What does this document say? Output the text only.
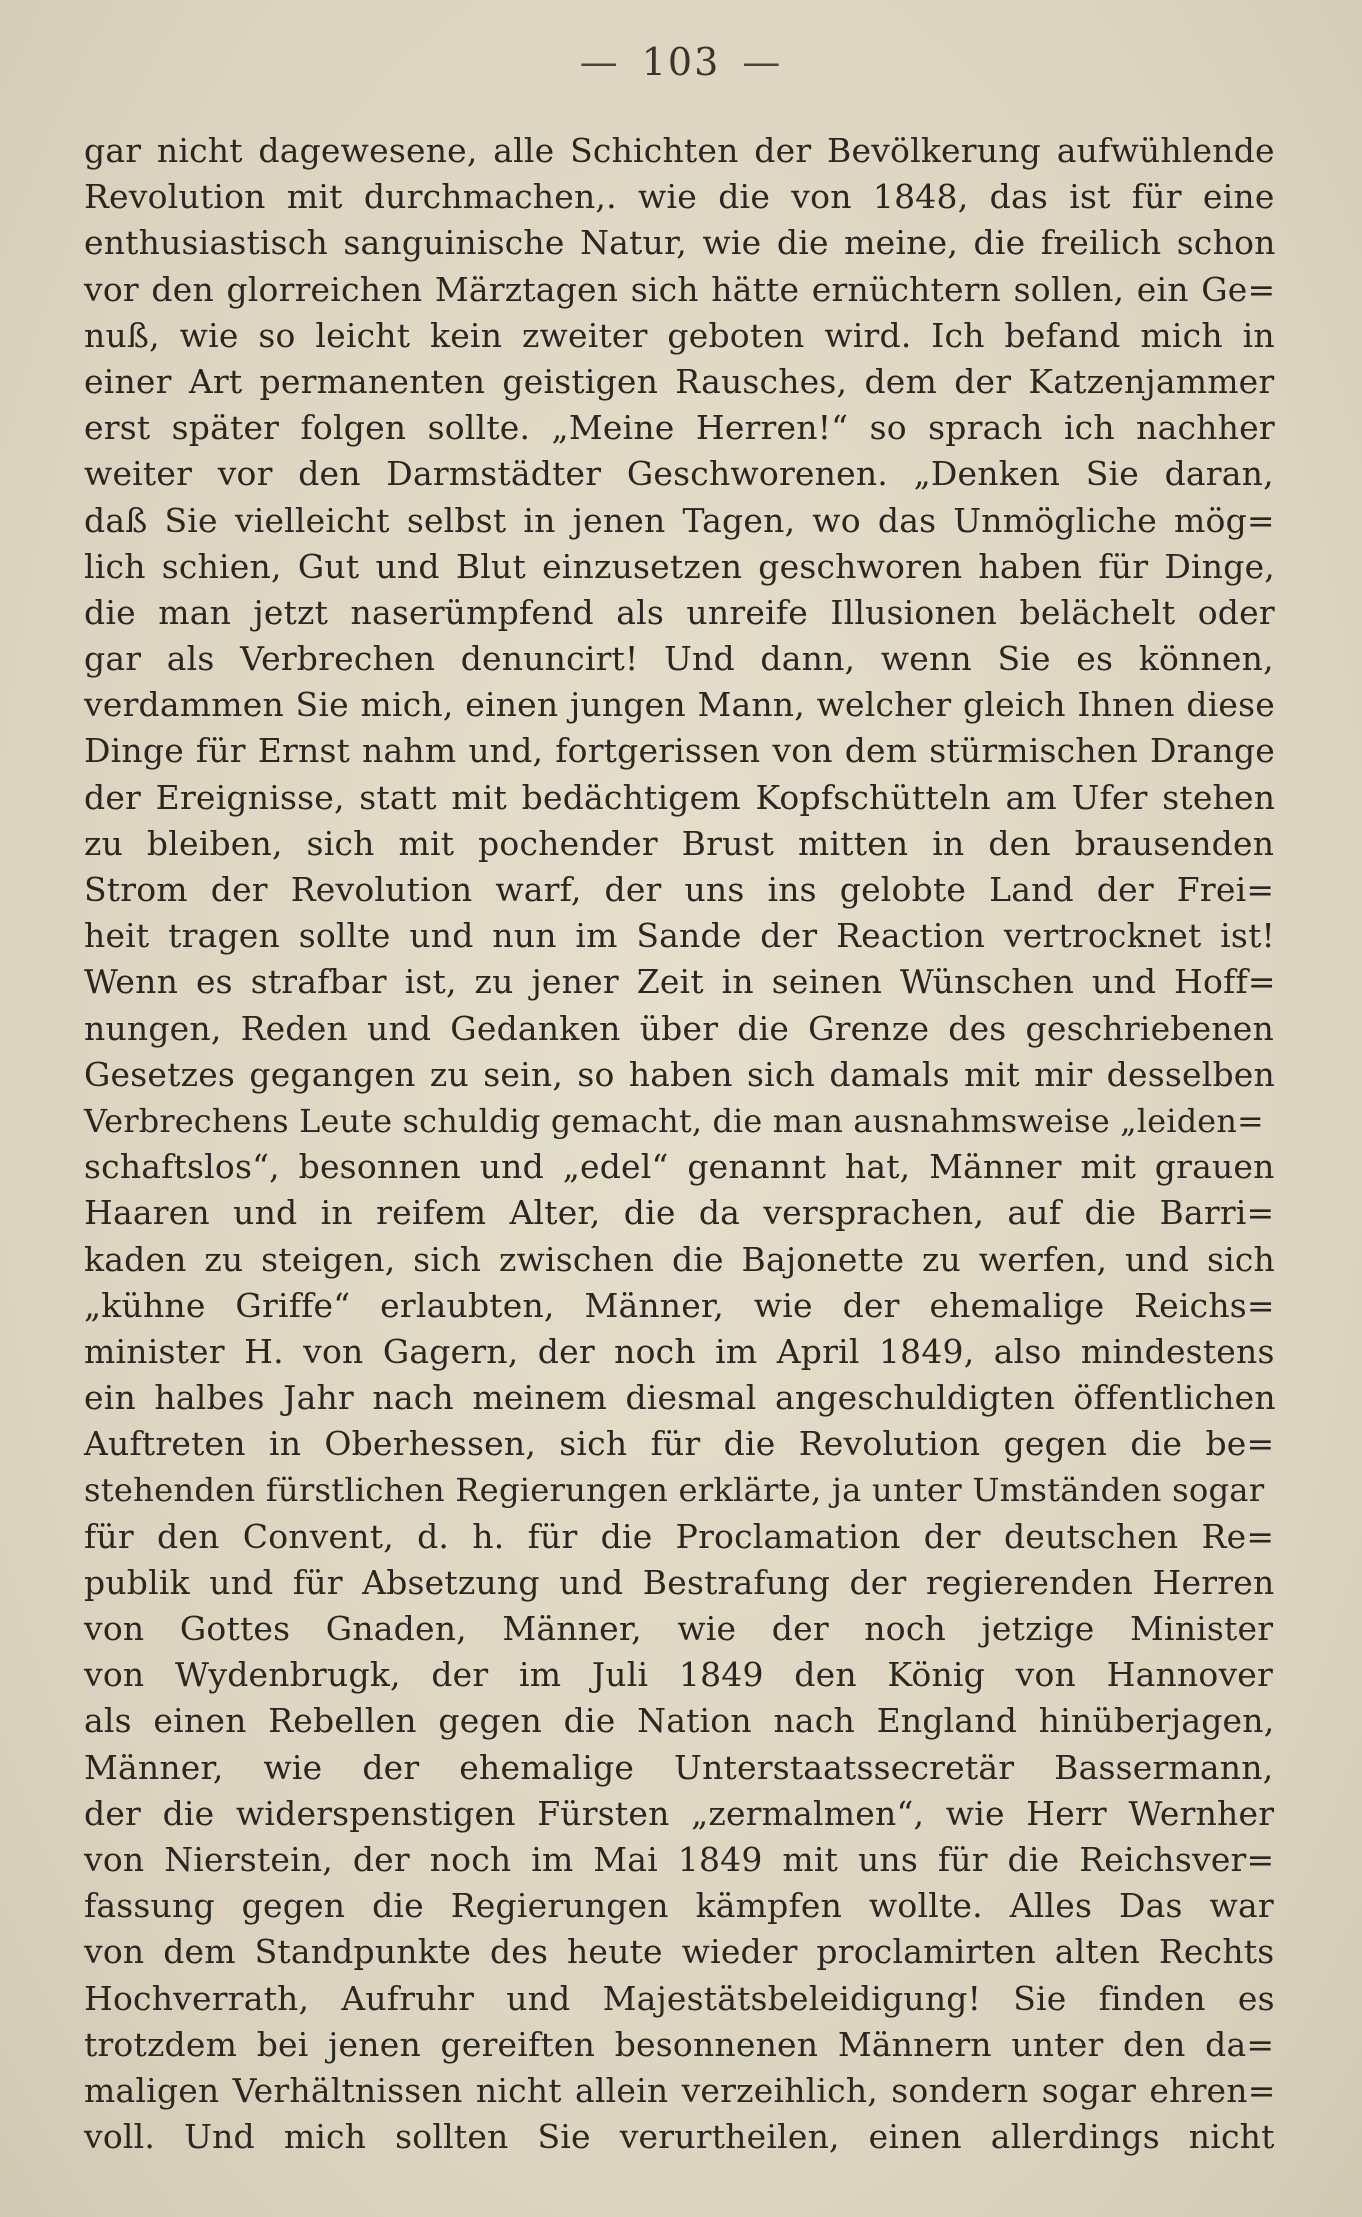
— 103 —
gar nicht dagewesene, alle Schichten der Bevölkerung aufwühlende
Revolution mit durchmachen,. wie die von 1848, das ist für eine
enthusiastisch sanguinische Natur, wie die meine, die freilich schon
vor den glorreichen Märztagen sich hätte ernüchtern sollen, ein Ge=
nuß, wie so leicht kein zweiter geboten wird. Ich befand mich in
einer Art permanenten geistigen Rausches, dem der Katzenjammer
erst später folgen sollte. „Meine Herren!“ so sprach ich nachher
weiter vor den Darmstädter Geschworenen. „Denken Sie daran,
daß Sie vielleicht selbst in jenen Tagen, wo das Unmögliche mög=
lich schien, Gut und Blut einzusetzen geschworen haben für Dinge,
die man jetzt naserümpfend als unreife Illusionen belächelt oder
gar als Verbrechen denuncirt! Und dann, wenn Sie es können,
verdammen Sie mich, einen jungen Mann, welcher gleich Ihnen diese
Dinge für Ernst nahm und, fortgerissen von dem stürmischen Drange
der Ereignisse, statt mit bedächtigem Kopfschütteln am Ufer stehen
zu bleiben, sich mit pochender Brust mitten in den brausenden
Strom der Revolution warf, der uns ins gelobte Land der Frei=
heit tragen sollte und nun im Sande der Reaction vertrocknet ist!
Wenn es strafbar ist, zu jener Zeit in seinen Wünschen und Hoff=
nungen, Reden und Gedanken über die Grenze des geschriebenen
Gesetzes gegangen zu sein, so haben sich damals mit mir desselben
Verbrechens Leute schuldig gemacht, die man ausnahmsweise „leiden=
schaftslos“, besonnen und „edel“ genannt hat, Männer mit grauen
Haaren und in reifem Alter, die da versprachen, auf die Barri=
kaden zu steigen, sich zwischen die Bajonette zu werfen, und sich
„kühne Griffe“ erlaubten, Männer, wie der ehemalige Reichs=
minister H. von Gagern, der noch im April 1849, also mindestens
ein halbes Jahr nach meinem diesmal angeschuldigten öffentlichen
Auftreten in Oberhessen, sich für die Revolution gegen die be=
stehenden fürstlichen Regierungen erklärte, ja unter Umständen sogar
für den Convent, d. h. für die Proclamation der deutschen Re=
publik und für Absetzung und Bestrafung der regierenden Herren
von Gottes Gnaden, Männer, wie der noch jetzige Minister
von Wydenbrugk, der im Juli 1849 den König von Hannover
als einen Rebellen gegen die Nation nach England hinüberjagen,
Männer, wie der ehemalige Unterstaatssecretär Bassermann,
der die widerspenstigen Fürsten „zermalmen“, wie Herr Wernher
von Nierstein, der noch im Mai 1849 mit uns für die Reichsver=
fassung gegen die Regierungen kämpfen wollte. Alles Das war
von dem Standpunkte des heute wieder proclamirten alten Rechts
Hochverrath, Aufruhr und Majestätsbeleidigung! Sie finden es
trotzdem bei jenen gereiften besonnenen Männern unter den da=
maligen Verhältnissen nicht allein verzeihlich, sondern sogar ehren=
voll. Und mich sollten Sie verurtheilen, einen allerdings nicht
